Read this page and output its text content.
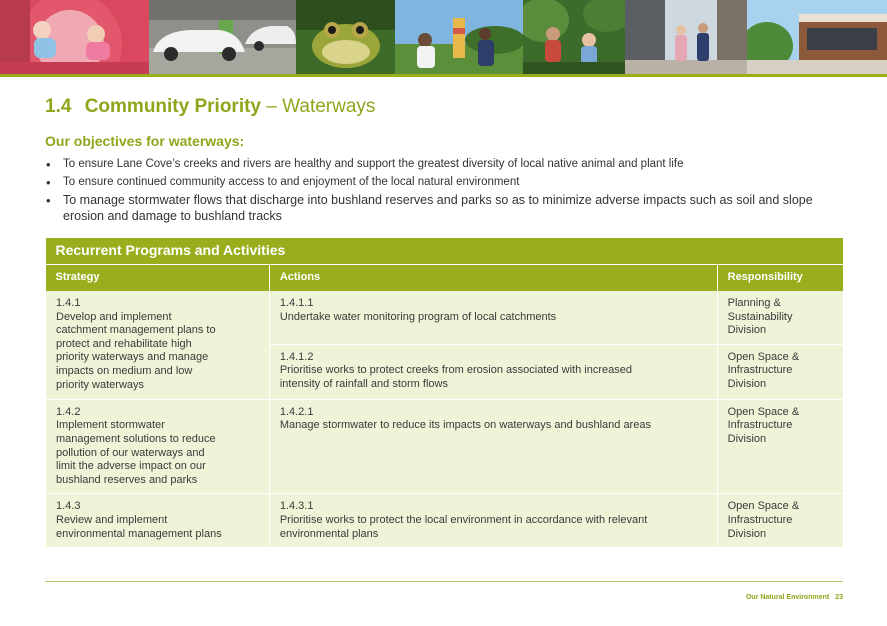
1.4 Community Priority – Waterways
Our objectives for waterways:
• To ensure Lane Cove’s creeks and rivers are healthy and support the greatest diversity of local native animal and plant life
• To ensure continued community access to and enjoyment of the local natural environment
• To manage stormwater flows that discharge into bushland reserves and parks so as to minimize adverse impacts such as soil and slope erosion and damage to bushland tracks
Recurrent Programs and Activities		
Strategy	Actions	Responsibility
1.4.1Develop and implement catchment management plans to protect and rehabilitate high priority waterways and manage impacts on medium and low priority waterways	1.4.1.1Undertake water monitoring program of local catchments	Planning & Sustainability Division
	1.4.1.2Prioritise works to protect creeks from erosion associated with increased intensity of rainfall and storm flows	Open Space & Infrastructure Division
1.4.2Implement stormwater management solutions to reduce pollution of our waterways and limit the adverse impact on our bushland reserves and parks	1.4.2.1Manage stormwater to reduce its impacts on waterways and bushland areas	Open Space & Infrastructure Division
1.4.3Review and implement environmental management plans	1.4.3.1Prioritise works to protect the local environment in accordance with relevant environmental plans	Open Space & Infrastructure Division
Our Natural Environment 23
